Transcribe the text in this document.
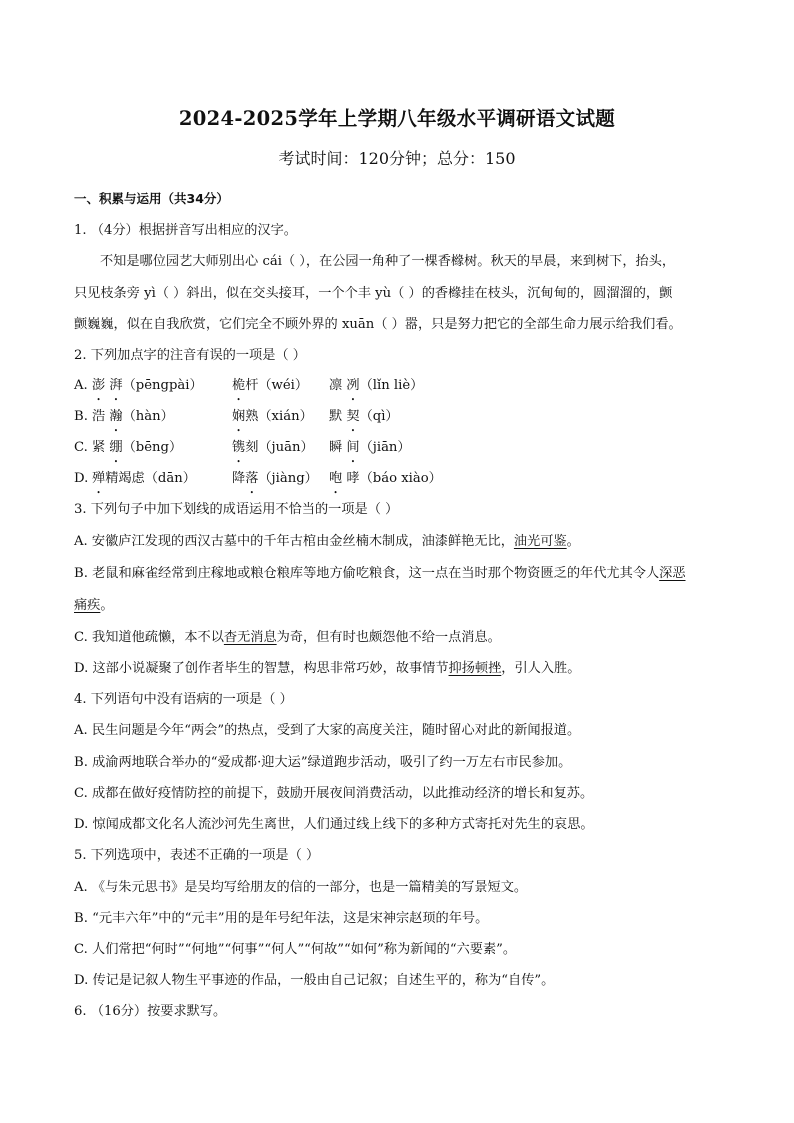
2024-2025学年上学期八年级水平调研语文试题
考试时间：120分钟；总分：150
一、积累与运用（共34分）
1. （4分）根据拼音写出相应的汉字。
不知是哪位园艺大师别出心 cái（ ），在公园一角种了一棵香橼树。秋天的早晨，来到树下，抬头，
只见枝条旁 yì（ ）斜出，似在交头接耳，一个个丰 yù（ ）的香橼挂在枝头，沉甸甸的，圆溜溜的，颤
颤巍巍，似在自我欣赏，它们完全不顾外界的 xuān（ ）嚣，只是努力把它的全部生命力展示给我们看。
2. 下列加点字的注音有误的一项是（ ）
A. 澎 湃（pēngpài） 桅杆（wéi） 凛 冽（lǐn liè）
B. 浩 瀚（hàn）	娴熟（xián） 默 契（qì）
C. 紧 绷（bēng）	镌刻（juān） 瞬 间（jiān）
D. 殚精竭虑（dān）	降落（jiàng） 咆 哮（báo xiào）
3. 下列句子中加下划线的成语运用不恰当的一项是（ ）
A. 安徽庐江发现的西汉古墓中的千年古棺由金丝楠木制成，油漆鲜艳无比，油光可鉴。
B. 老鼠和麻雀经常到庄稼地或粮仓粮库等地方偷吃粮食，这一点在当时那个物资匮乏的年代尤其令人深恶
痛疾。
C. 我知道他疏懒，本不以杳无消息为奇，但有时也颇怨他不给一点消息。
D. 这部小说凝聚了创作者毕生的智慧，构思非常巧妙，故事情节抑扬顿挫，引人入胜。
4. 下列语句中没有语病的一项是（ ）
A. 民生问题是今年“两会”的热点，受到了大家的高度关注，随时留心对此的新闻报道。
B. 成渝两地联合举办的“爱成都·迎大运”绿道跑步活动，吸引了约一万左右市民参加。
C. 成都在做好疫情防控的前提下，鼓励开展夜间消费活动，以此推动经济的增长和复苏。
D. 惊闻成都文化名人流沙河先生离世，人们通过线上线下的多种方式寄托对先生的哀思。
5. 下列选项中，表述不正确的一项是（ ）
A. 《与朱元思书》是吴均写给朋友的信的一部分，也是一篇精美的写景短文。
B. “元丰六年”中的“元丰”用的是年号纪年法，这是宋神宗赵顼的年号。
C. 人们常把“何时”“何地”“何事”“何人”“何故”“如何”称为新闻的“六要素”。
D. 传记是记叙人物生平事迹的作品，一般由自己记叙；自述生平的，称为“自传”。
6. （16分）按要求默写。
